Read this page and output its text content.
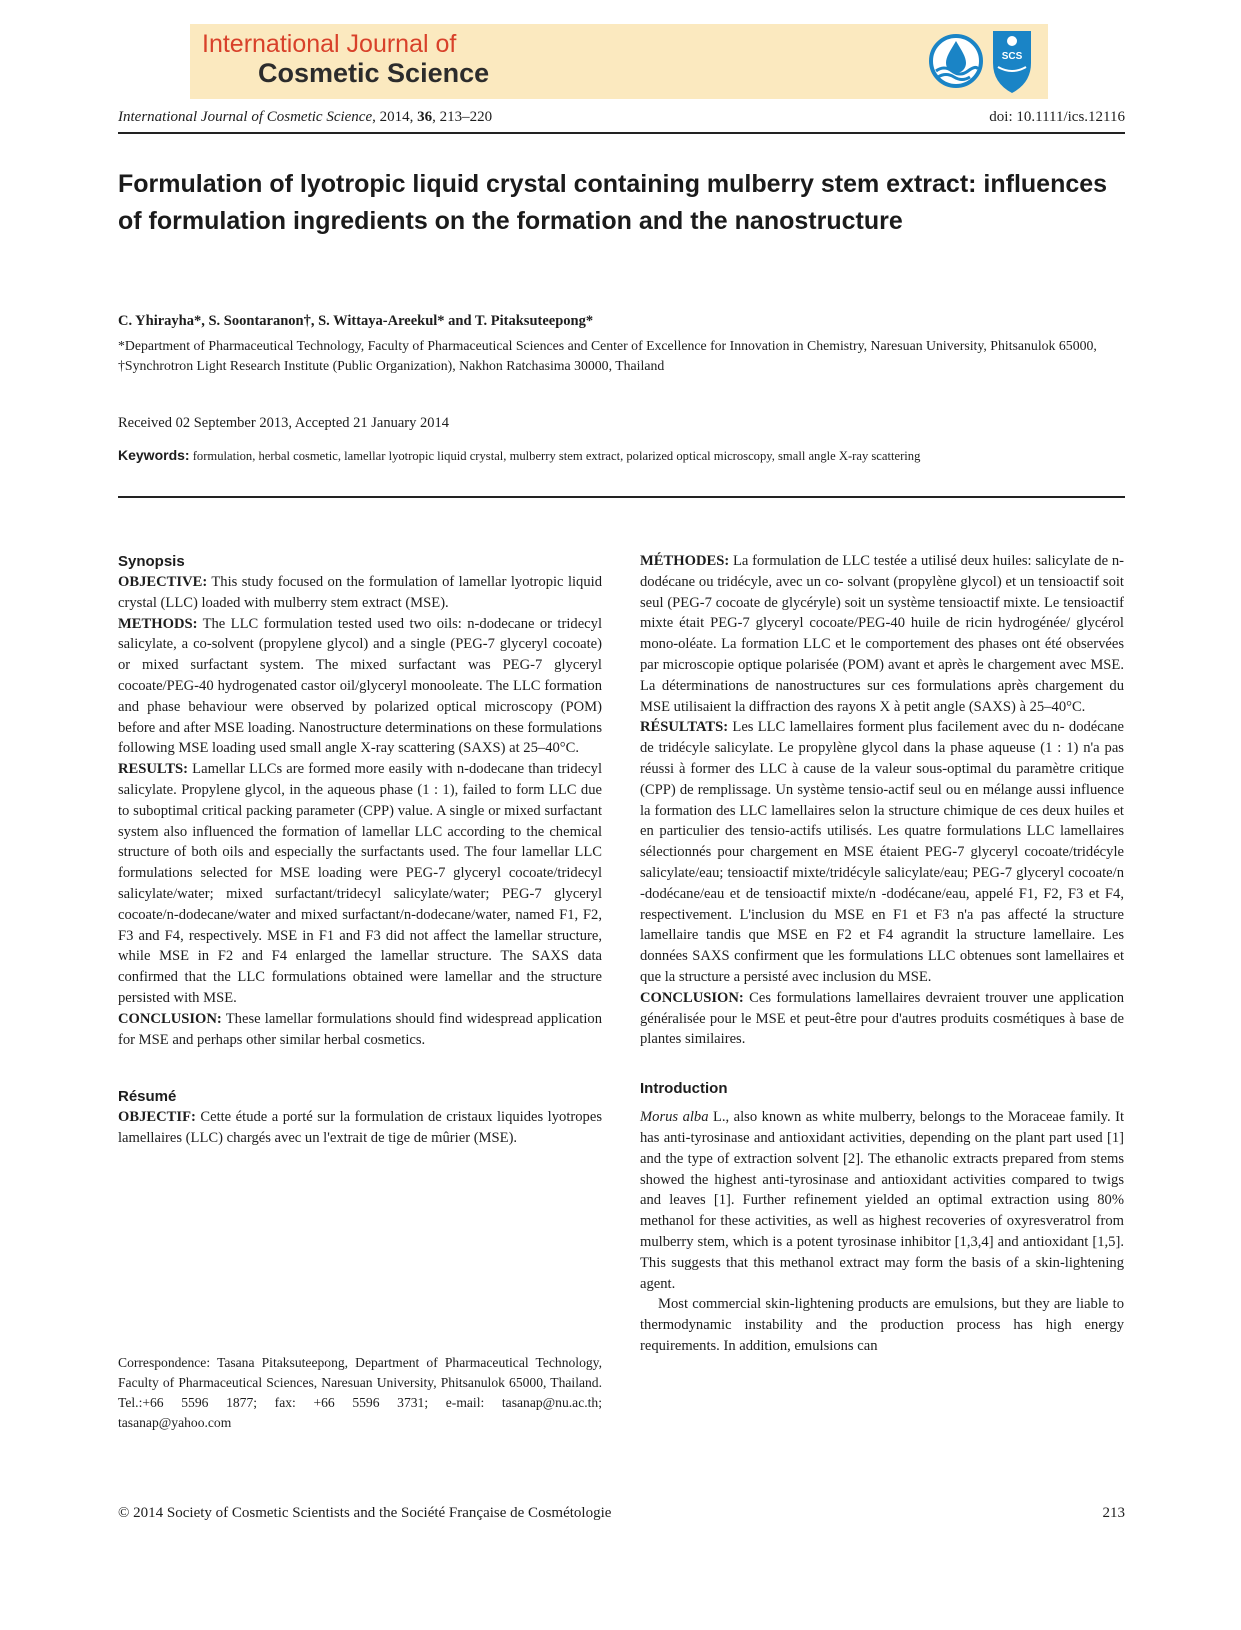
International Journal of
Cosmetic Science
SCS
International Journal of Cosmetic Science, 2014, 36, 213–220	doi: 10.1111/ics.12116
Formulation of lyotropic liquid crystal containing mulberry stem extract: influences of formulation ingredients on the formation and the nanostructure
C. Yhirayha*, S. Soontaranon†, S. Wittaya-Areekul* and T. Pitaksuteepong*
*Department of Pharmaceutical Technology, Faculty of Pharmaceutical Sciences and Center of Excellence for Innovation in Chemistry, Naresuan University, Phitsanulok 65000, †Synchrotron Light Research Institute (Public Organization), Nakhon Ratchasima 30000, Thailand
Received 02 September 2013, Accepted 21 January 2014
Keywords: formulation, herbal cosmetic, lamellar lyotropic liquid crystal, mulberry stem extract, polarized optical microscopy, small angle X-ray scattering
Synopsis

OBJECTIVE: This study focused on the formulation of lamellar lyotropic liquid crystal (LLC) loaded with mulberry stem extract (MSE).

METHODS: The LLC formulation tested used two oils: n-dodecane or tridecyl salicylate, a co-solvent (propylene glycol) and a single (PEG-7 glyceryl cocoate) or mixed surfactant system. The mixed surfactant was PEG-7 glyceryl cocoate/PEG-40 hydrogenated castor oil/glyceryl monooleate. The LLC formation and phase behaviour were observed by polarized optical microscopy (POM) before and after MSE loading. Nanostructure determinations on these formulations following MSE loading used small angle X-ray scattering (SAXS) at 25–40°C.

RESULTS: Lamellar LLCs are formed more easily with n-dodecane than tridecyl salicylate. Propylene glycol, in the aqueous phase (1 : 1), failed to form LLC due to suboptimal critical packing parameter (CPP) value. A single or mixed surfactant system also influenced the formation of lamellar LLC according to the chemical structure of both oils and especially the surfactants used. The four lamellar LLC formulations selected for MSE loading were PEG-7 glyceryl cocoate/tridecyl salicylate/water; mixed surfactant/tridecyl salicylate/water; PEG-7 glyceryl cocoate/n-dodecane/water and mixed surfactant/n-dodecane/water, named F1, F2, F3 and F4, respectively. MSE in F1 and F3 did not affect the lamellar structure, while MSE in F2 and F4 enlarged the lamellar structure. The SAXS data confirmed that the LLC formulations obtained were lamellar and the structure persisted with MSE.

CONCLUSION: These lamellar formulations should find widespread application for MSE and perhaps other similar herbal cosmetics.

Résumé

OBJECTIF: Cette étude a porté sur la formulation de cristaux liquides lyotropes lamellaires (LLC) chargés avec un l'extrait de tige de mûrier (MSE).

MÉTHODES: La formulation de LLC testée a utilisé deux huiles: salicylate de n- dodécane ou tridécyle, avec un co- solvant (propylène glycol) et un tensioactif soit seul (PEG-7 cocoate de glycéryle) soit un système tensioactif mixte. Le tensioactif mixte était PEG-7 glyceryl cocoate/PEG-40 huile de ricin hydrogénée/ glycérol mono-oléate. La formation LLC et le comportement des phases ont été observées par microscopie optique polarisée (POM) avant et après le chargement avec MSE. La déterminations de nanostructures sur ces formulations après chargement du MSE utilisaient la diffraction des rayons X à petit angle (SAXS) à 25–40°C.

RÉSULTATS: Les LLC lamellaires forment plus facilement avec du n- dodécane de tridécyle salicylate. Le propylène glycol dans la phase aqueuse (1 : 1) n'a pas réussi à former des LLC à cause de la valeur sous-optimal du paramètre critique (CPP) de remplissage. Un système tensio-actif seul ou en mélange aussi influence la formation des LLC lamellaires selon la structure chimique de ces deux huiles et en particulier des tensio-actifs utilisés. Les quatre formulations LLC lamellaires sélectionnés pour chargement en MSE étaient PEG-7 glyceryl cocoate/tridécyle salicylate/eau; tensioactif mixte/tridécyle salicylate/eau; PEG-7 glyceryl cocoate/n -dodécane/eau et de tensioactif mixte/n -dodécane/eau, appelé F1, F2, F3 et F4, respectivement. L'inclusion du MSE en F1 et F3 n'a pas affecté la structure lamellaire tandis que MSE en F2 et F4 agrandit la structure lamellaire. Les données SAXS confirment que les formulations LLC obtenues sont lamellaires et que la structure a persisté avec inclusion du MSE.

CONCLUSION: Ces formulations lamellaires devraient trouver une application généralisée pour le MSE et peut-être pour d'autres produits cosmétiques à base de plantes similaires.

Introduction

Morus alba L., also known as white mulberry, belongs to the Moraceae family. It has anti-tyrosinase and antioxidant activities, depending on the plant part used [1] and the type of extraction solvent [2]. The ethanolic extracts prepared from stems showed the highest anti-tyrosinase and antioxidant activities compared to twigs and leaves [1]. Further refinement yielded an optimal extraction using 80% methanol for these activities, as well as highest recoveries of oxyresveratrol from mulberry stem, which is a potent tyrosinase inhibitor [1,3,4] and antioxidant [1,5]. This suggests that this methanol extract may form the basis of a skin-lightening agent.

Most commercial skin-lightening products are emulsions, but they are liable to thermodynamic instability and the production process has high energy requirements. In addition, emulsions can

Correspondence: Tasana Pitaksuteepong, Department of Pharmaceutical Technology, Faculty of Pharmaceutical Sciences, Naresuan University, Phitsanulok 65000, Thailand. Tel.:+66 5596 1877; fax: +66 5596 3731; e-mail: tasanap@nu.ac.th; tasanap@yahoo.com

© 2014 Society of Cosmetic Scientists and the Société Française de Cosmétologie	213
